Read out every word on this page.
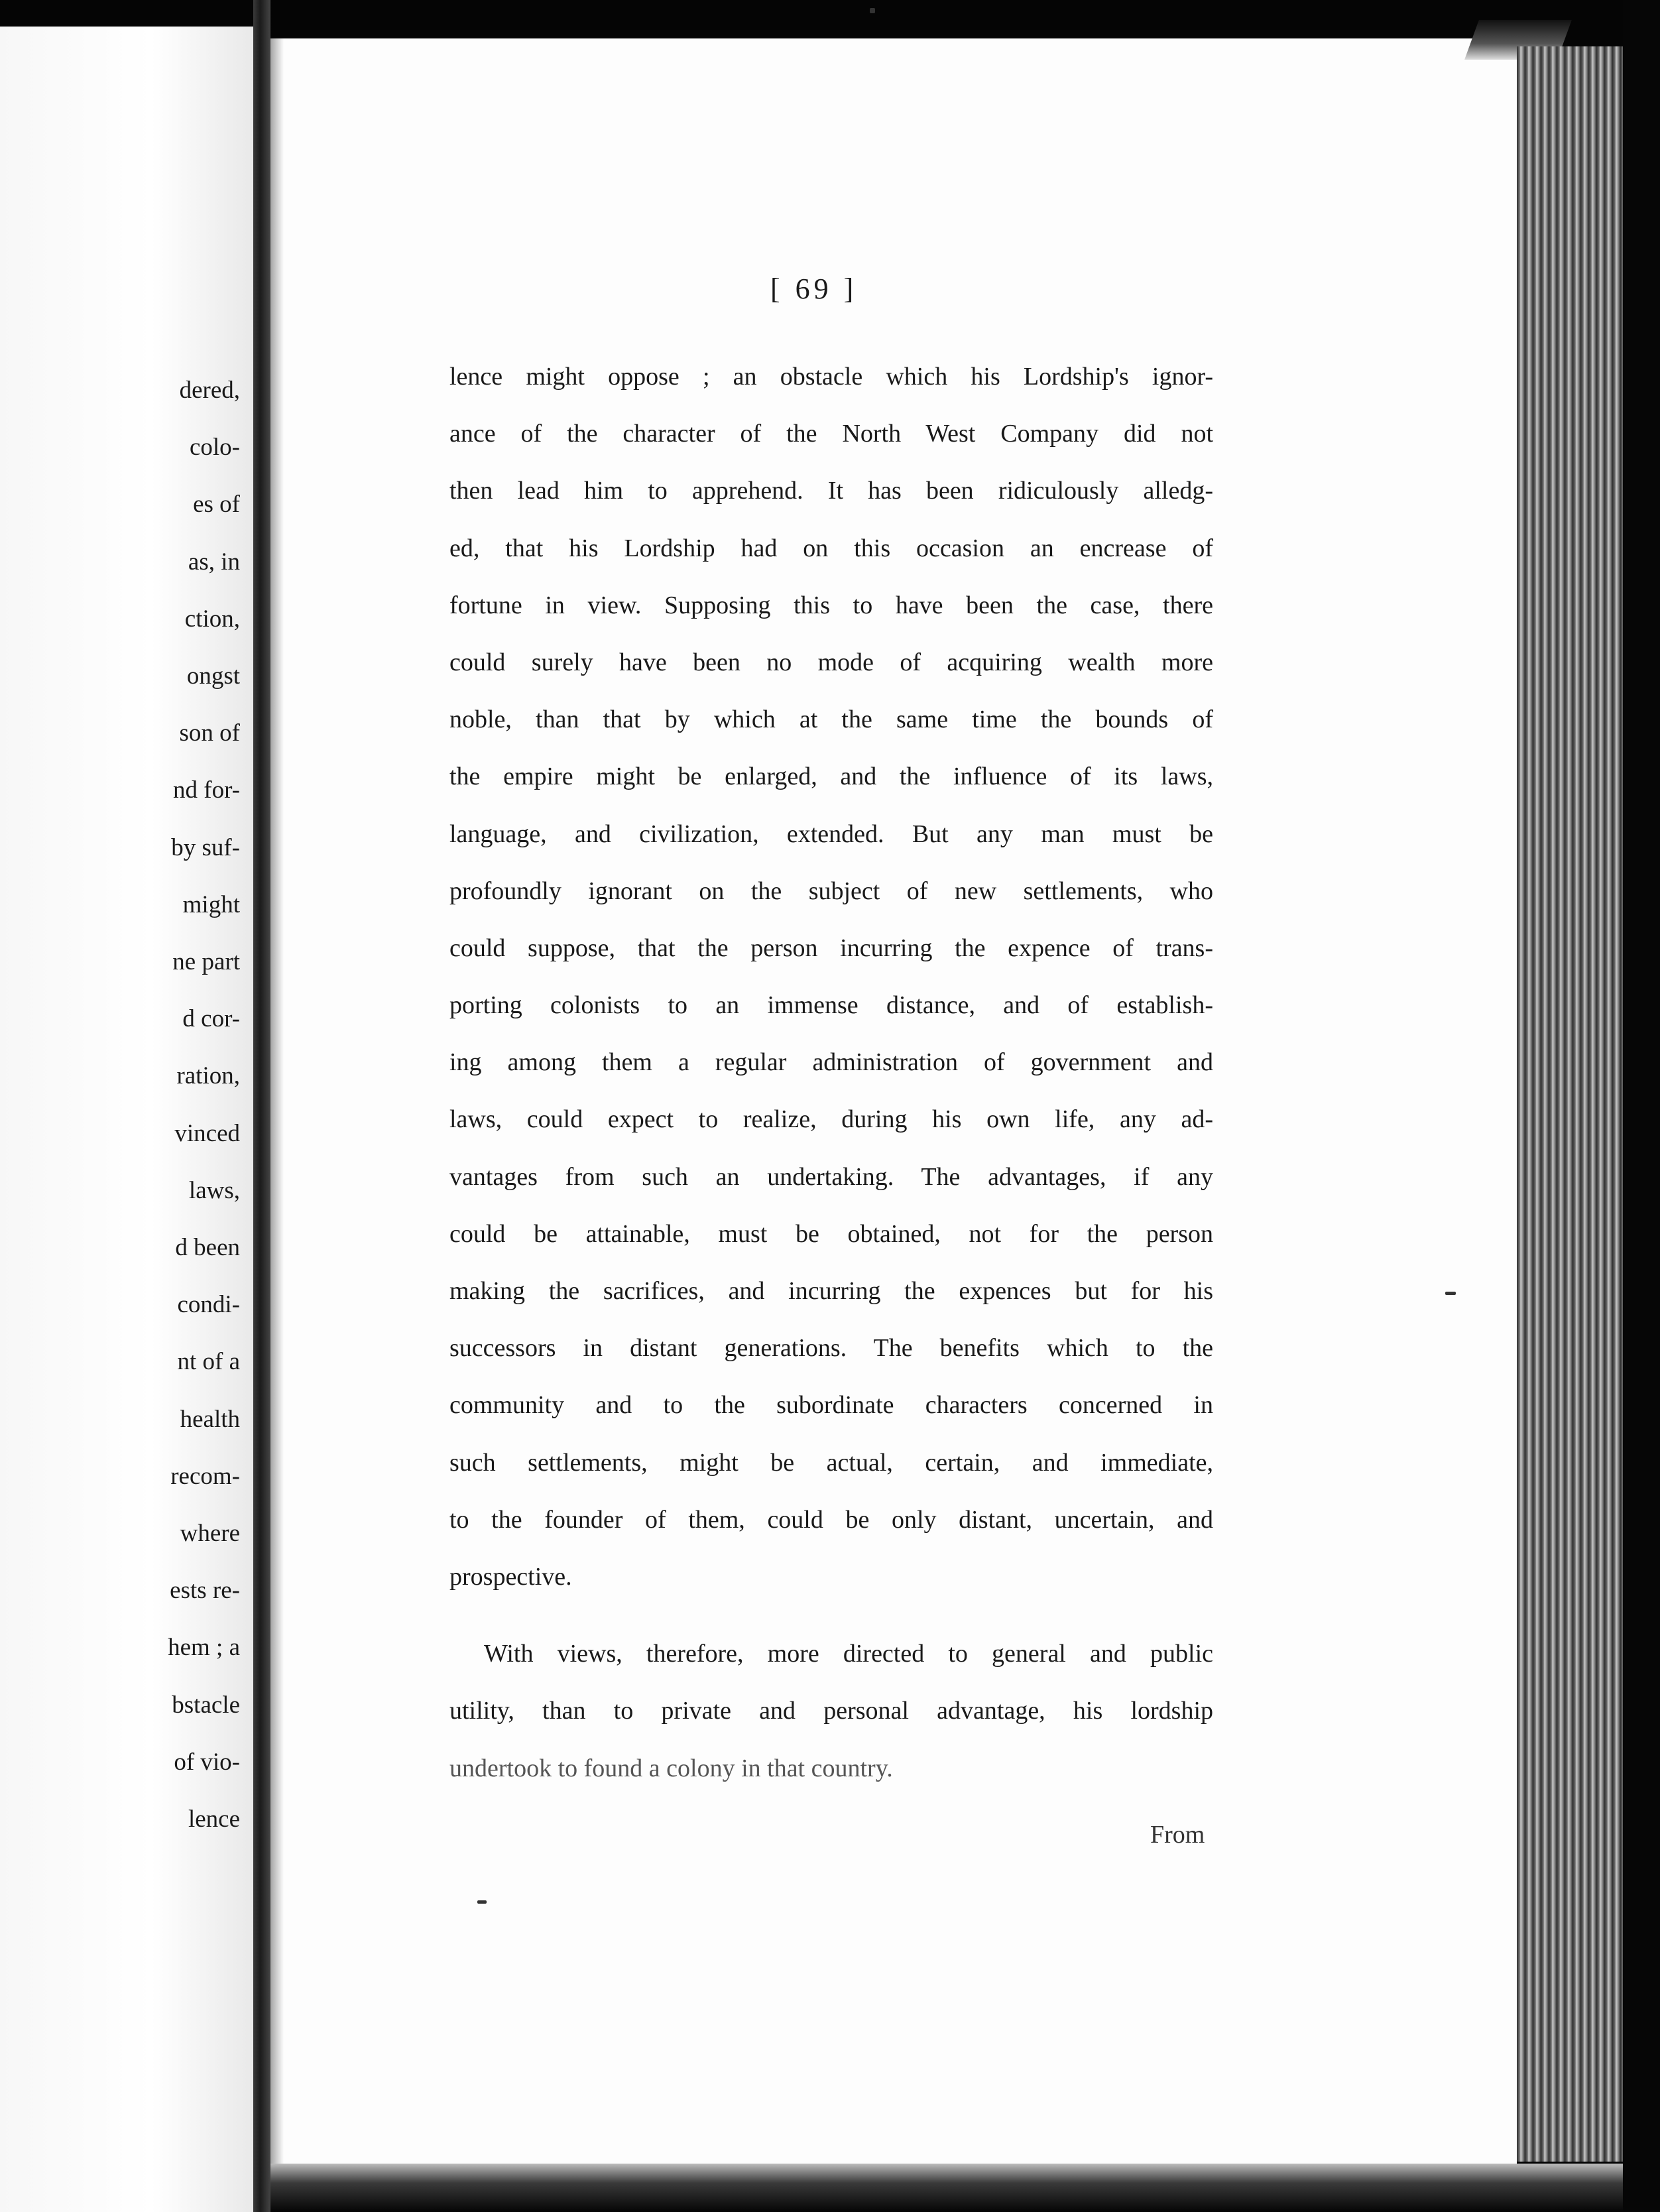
dered,

colo-

es of

as, in

ction,

ongst

son of

nd for-

by suf-

might

ne part

d cor-

ration,

vinced

laws,

d been

condi-

nt of a

health

recom-

where

ests re-

hem ; a

bstacle

of vio-

lence

[ 69 ]

lence might oppose ; an obstacle which his Lordship's ignor-
ance of the character of the North West Company did not
then lead him to apprehend. It has been ridiculously alledg-
ed, that his Lordship had on this occasion an encrease of
fortune in view. Supposing this to have been the case, there
could surely have been no mode of acquiring wealth more
noble, than that by which at the same time the bounds of
the empire might be enlarged, and the influence of its laws,
language, and civilization, extended. But any man must be
profoundly ignorant on the subject of new settlements, who
could suppose, that the person incurring the expence of trans-
porting colonists to an immense distance, and of establish-
ing among them a regular administration of government and
laws, could expect to realize, during his own life, any ad-
vantages from such an undertaking. The advantages, if any
could be attainable, must be obtained, not for the person
making the sacrifices, and incurring the expences but for his
successors in distant generations. The benefits which to the
community and to the subordinate characters concerned in
such settlements, might be actual, certain, and immediate,
to the founder of them, could be only distant, uncertain, and
prospective.
With views, therefore, more directed to general and public
utility, than to private and personal advantage, his lordship
undertook to found a colony in that country.

From
